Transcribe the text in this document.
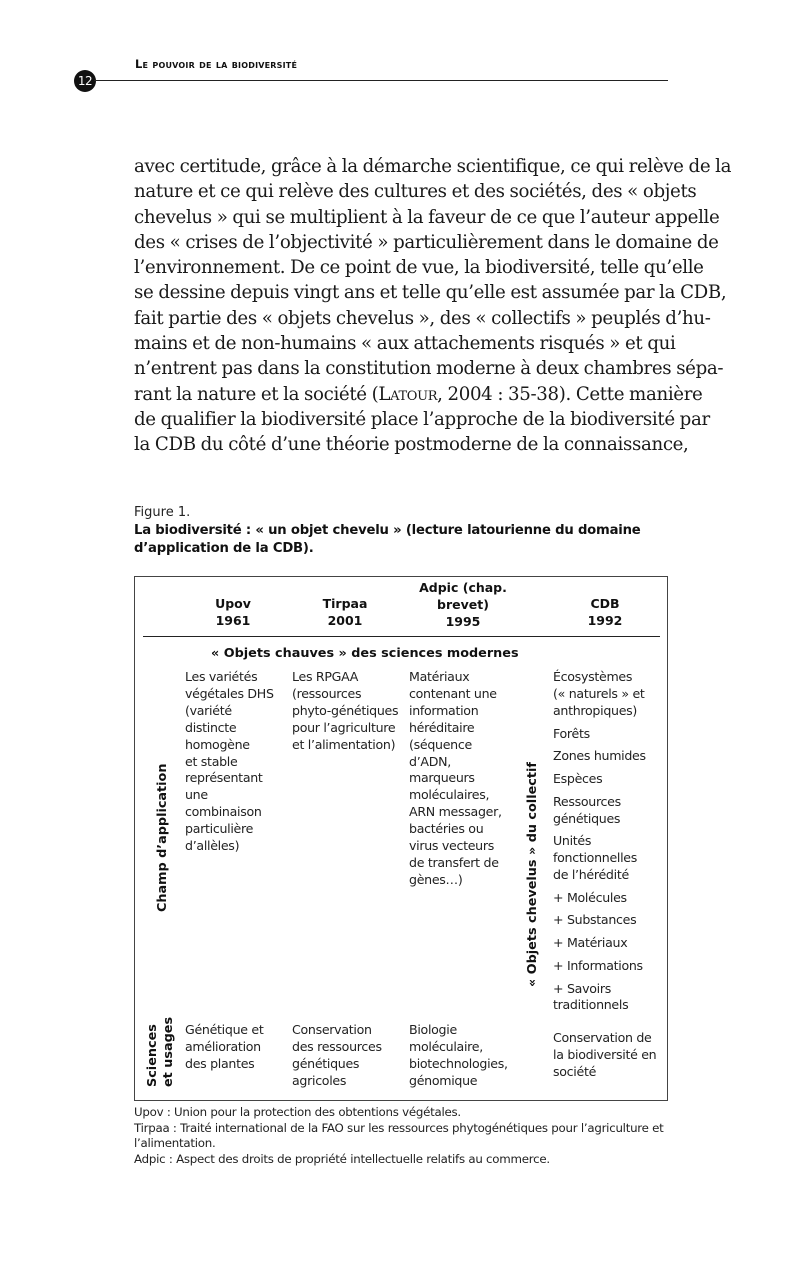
12
Le pouvoir de la biodiversité
avec certitude, grâce à la démarche scientifique, ce qui relève de la
nature et ce qui relève des cultures et des sociétés, des « objets
chevelus » qui se multiplient à la faveur de ce que l’auteur appelle
des « crises de l’objectivité » particulièrement dans le domaine de
l’environnement. De ce point de vue, la biodiversité, telle qu’elle
se dessine depuis vingt ans et telle qu’elle est assumée par la CDB,
fait partie des « objets chevelus », des « collectifs » peuplés d’hu-
mains et de non-humains « aux attachements risqués » et qui
n’entrent pas dans la constitution moderne à deux chambres sépa-
rant la nature et la société (Latour, 2004 : 35-38). Cette manière
de qualifier la biodiversité place l’approche de la biodiversité par
la CDB du côté d’une théorie postmoderne de la connaissance,
Figure 1.
La biodiversité : « un objet chevelu » (lecture latourienne du domaine d’application de la CDB).
Upov
1961
Tirpaa
2001
Adpic (chap.
brevet)
1995
CDB
1992
« Objets chauves » des sciences modernes
Champ d’application
Sciences et usages
« Objets chevelus » du collectif
Les variétés
végétales DHS
(variété
distincte
homogène
et stable
représentant
une
combinaison
particulière
d’allèles)
Les RPGAA
(ressources
phyto-génétiques
pour l’agriculture
et l’alimentation)
Matériaux
contenant une
information
héréditaire
(séquence
d’ADN,
marqueurs
moléculaires,
ARN messager,
bactéries ou
virus vecteurs
de transfert de
gènes…)
Écosystèmes
(« naturels » et
anthropiques)
Forêts
Zones humides
Espèces
Ressources
génétiques
Unités
fonctionnelles
de l’hérédité
+ Molécules
+ Substances
+ Matériaux
+ Informations
+ Savoirs
traditionnels
Génétique et
amélioration
des plantes
Conservation
des ressources
génétiques
agricoles
Biologie
moléculaire,
biotechnologies,
génomique
Conservation de
la biodiversité en
société
Upov : Union pour la protection des obtentions végétales.
Tirpaa : Traité international de la FAO sur les ressources phytogénétiques pour l’agriculture et l’alimentation.
Adpic : Aspect des droits de propriété intellectuelle relatifs au commerce.
